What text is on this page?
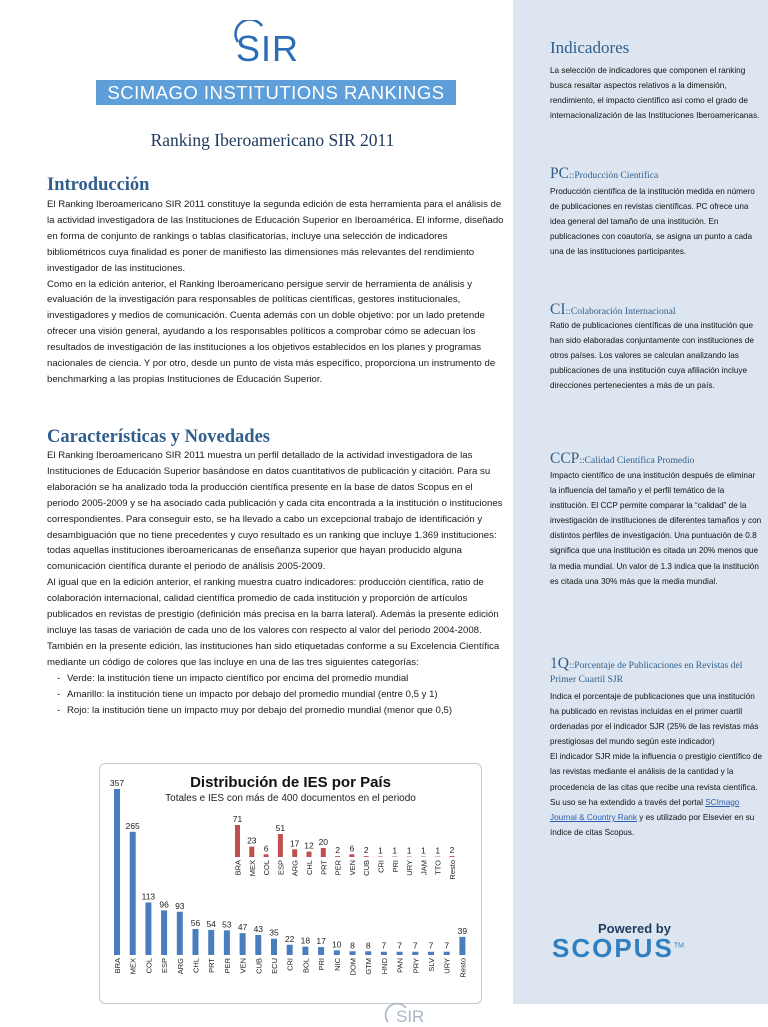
SCIMAGO INSTITUTIONS RANKINGS
SIR
Ranking Iberoamericano SIR 2011
Introducción

El Ranking Iberoamericano SIR 2011 constituye la segunda edición de esta herramienta para el análisis de la actividad investigadora de las Instituciones de Educación Superior en Iberoamérica. El informe, diseñado en forma de conjunto de rankings o tablas clasificatorias, incluye una selección de indicadores bibliométricos cuya finalidad es poner de manifiesto las dimensiones más relevantes del rendimiento investigador de las instituciones.

Como en la edición anterior, el Ranking Iberoamericano persigue servir de herramienta de análisis y evaluación de la investigación para responsables de políticas científicas, gestores institucionales, investigadores y medios de comunicación. Cuenta además con un doble objetivo: por un lado pretende ofrecer una visión general, ayudando a los responsables políticos a comprobar cómo se adecuan los resultados de investigación de las instituciones a los objetivos establecidos en los planes y programas nacionales de ciencia. Y por otro, desde un punto de vista más específico, proporciona un instrumento de benchmarking a las propias Instituciones de Educación Superior.

Características y Novedades

El Ranking Iberoamericano SIR 2011 muestra un perfil detallado de la actividad investigadora de las Instituciones de Educación Superior basándose en datos cuantitativos de publicación y citación. Para su elaboración se ha analizado toda la producción científica presente en la base de datos Scopus en el periodo 2005-2009 y se ha asociado cada publicación y cada cita encontrada a la institución o instituciones correspondientes. Para conseguir esto, se ha llevado a cabo un excepcional trabajo de identificación y desambiguación que no tiene precedentes y cuyo resultado es un ranking que incluye 1.369 instituciones: todas aquellas instituciones iberoamericanas de enseñanza superior que hayan producido alguna comunicación científica durante el periodo de análisis 2005-2009.

Al igual que en la edición anterior, el ranking muestra cuatro indicadores: producción científica, ratio de colaboración internacional, calidad científica promedio de cada institución y proporción de artículos publicados en revistas de prestigio (definición más precisa en la barra lateral). Además la presente edición incluye las tasas de variación de cada uno de los valores con respecto al valor del periodo 2004-2008.

También en la presente edición, las instituciones han sido etiquetadas conforme a su Excelencia Científica mediante un código de colores que las incluye en una de las tres siguientes categorías:

- Verde: la institución tiene un impacto científico por encima del promedio mundial
- Amarillo: la institución tiene un impacto por debajo del promedio mundial (entre 0,5 y 1)
- Rojo: la institución tiene un impacto muy por debajo del promedio mundial (menor que 0,5)
Distribución de IES por País
Totales e IES con más de 400 documentos en el periodo
357
BRA
265
MEX
113
COL
96
ESP
93
ARG
56
CHL
54
PRT
53
PER
47
VEN
43
CUB
35
ECU
22
CRI
18
BOL
17
PRI
10
NIC
8
DOM
8
GTM
7
HND
7
PAN
7
PRY
7
SLV
7
URY
39
Resto
71
BRA
23
MEX
6
COL
51
ESP
17
ARG
12
CHL
20
PRT
2
PER
6
VEN
2
CUB
1
CRI
1
PRI
1
URY
1
JAM
1
TTO
2
Resto
Indicadores
La selección de indicadores que componen el ranking busca resaltar aspectos relativos a la dimensión, rendimiento, el impacto científico así como el grado de internacionalización de las Instituciones Iberoamericanas.
PC::Producción Científica
Producción científica de la institución medida en número de publicaciones en revistas científicas. PC ofrece una idea general del tamaño de una institución. En publicaciones con coautoría, se asigna un punto a cada una de las instituciones participantes.
CI::Colaboración Internacional
Ratio de publicaciones científicas de una institución que han sido elaboradas conjuntamente con instituciones de otros países. Los valores se calculan analizando las publicaciones de una institución cuya afiliación incluye direcciones pertenecientes a más de un país.
CCP::Calidad Científica Promedio
Impacto científico de una institución después de eliminar la influencia del tamaño y el perfil temático de la institución. El CCP permite comparar la “calidad” de la investigación de instituciones de diferentes tamaños y con distintos perfiles de investigación. Una puntuación de 0.8 significa que una institución es citada un 20% menos que la media mundial. Un valor de 1.3 indica que la institución es citada una 30% más que la media mundial.
1Q::Porcentaje de Publicaciones en Revistas del Primer Cuartil SJR

Indica el porcentaje de publicaciones que una institución ha publicado en revistas incluidas en el primer cuartil ordenadas por el indicador SJR (25% de las revistas más prestigiosas del mundo según este indicador)

El indicador SJR mide la influencia o prestigio científico de las revistas mediante el análisis de la cantidad y la procedencia de las citas que recibe una revista científica. Su uso se ha extendido a través del portal SCImago Journal & Country Rank y es utilizado por Elsevier en su índice de citas Scopus.

Powered by
SCOPUS™
SIR
